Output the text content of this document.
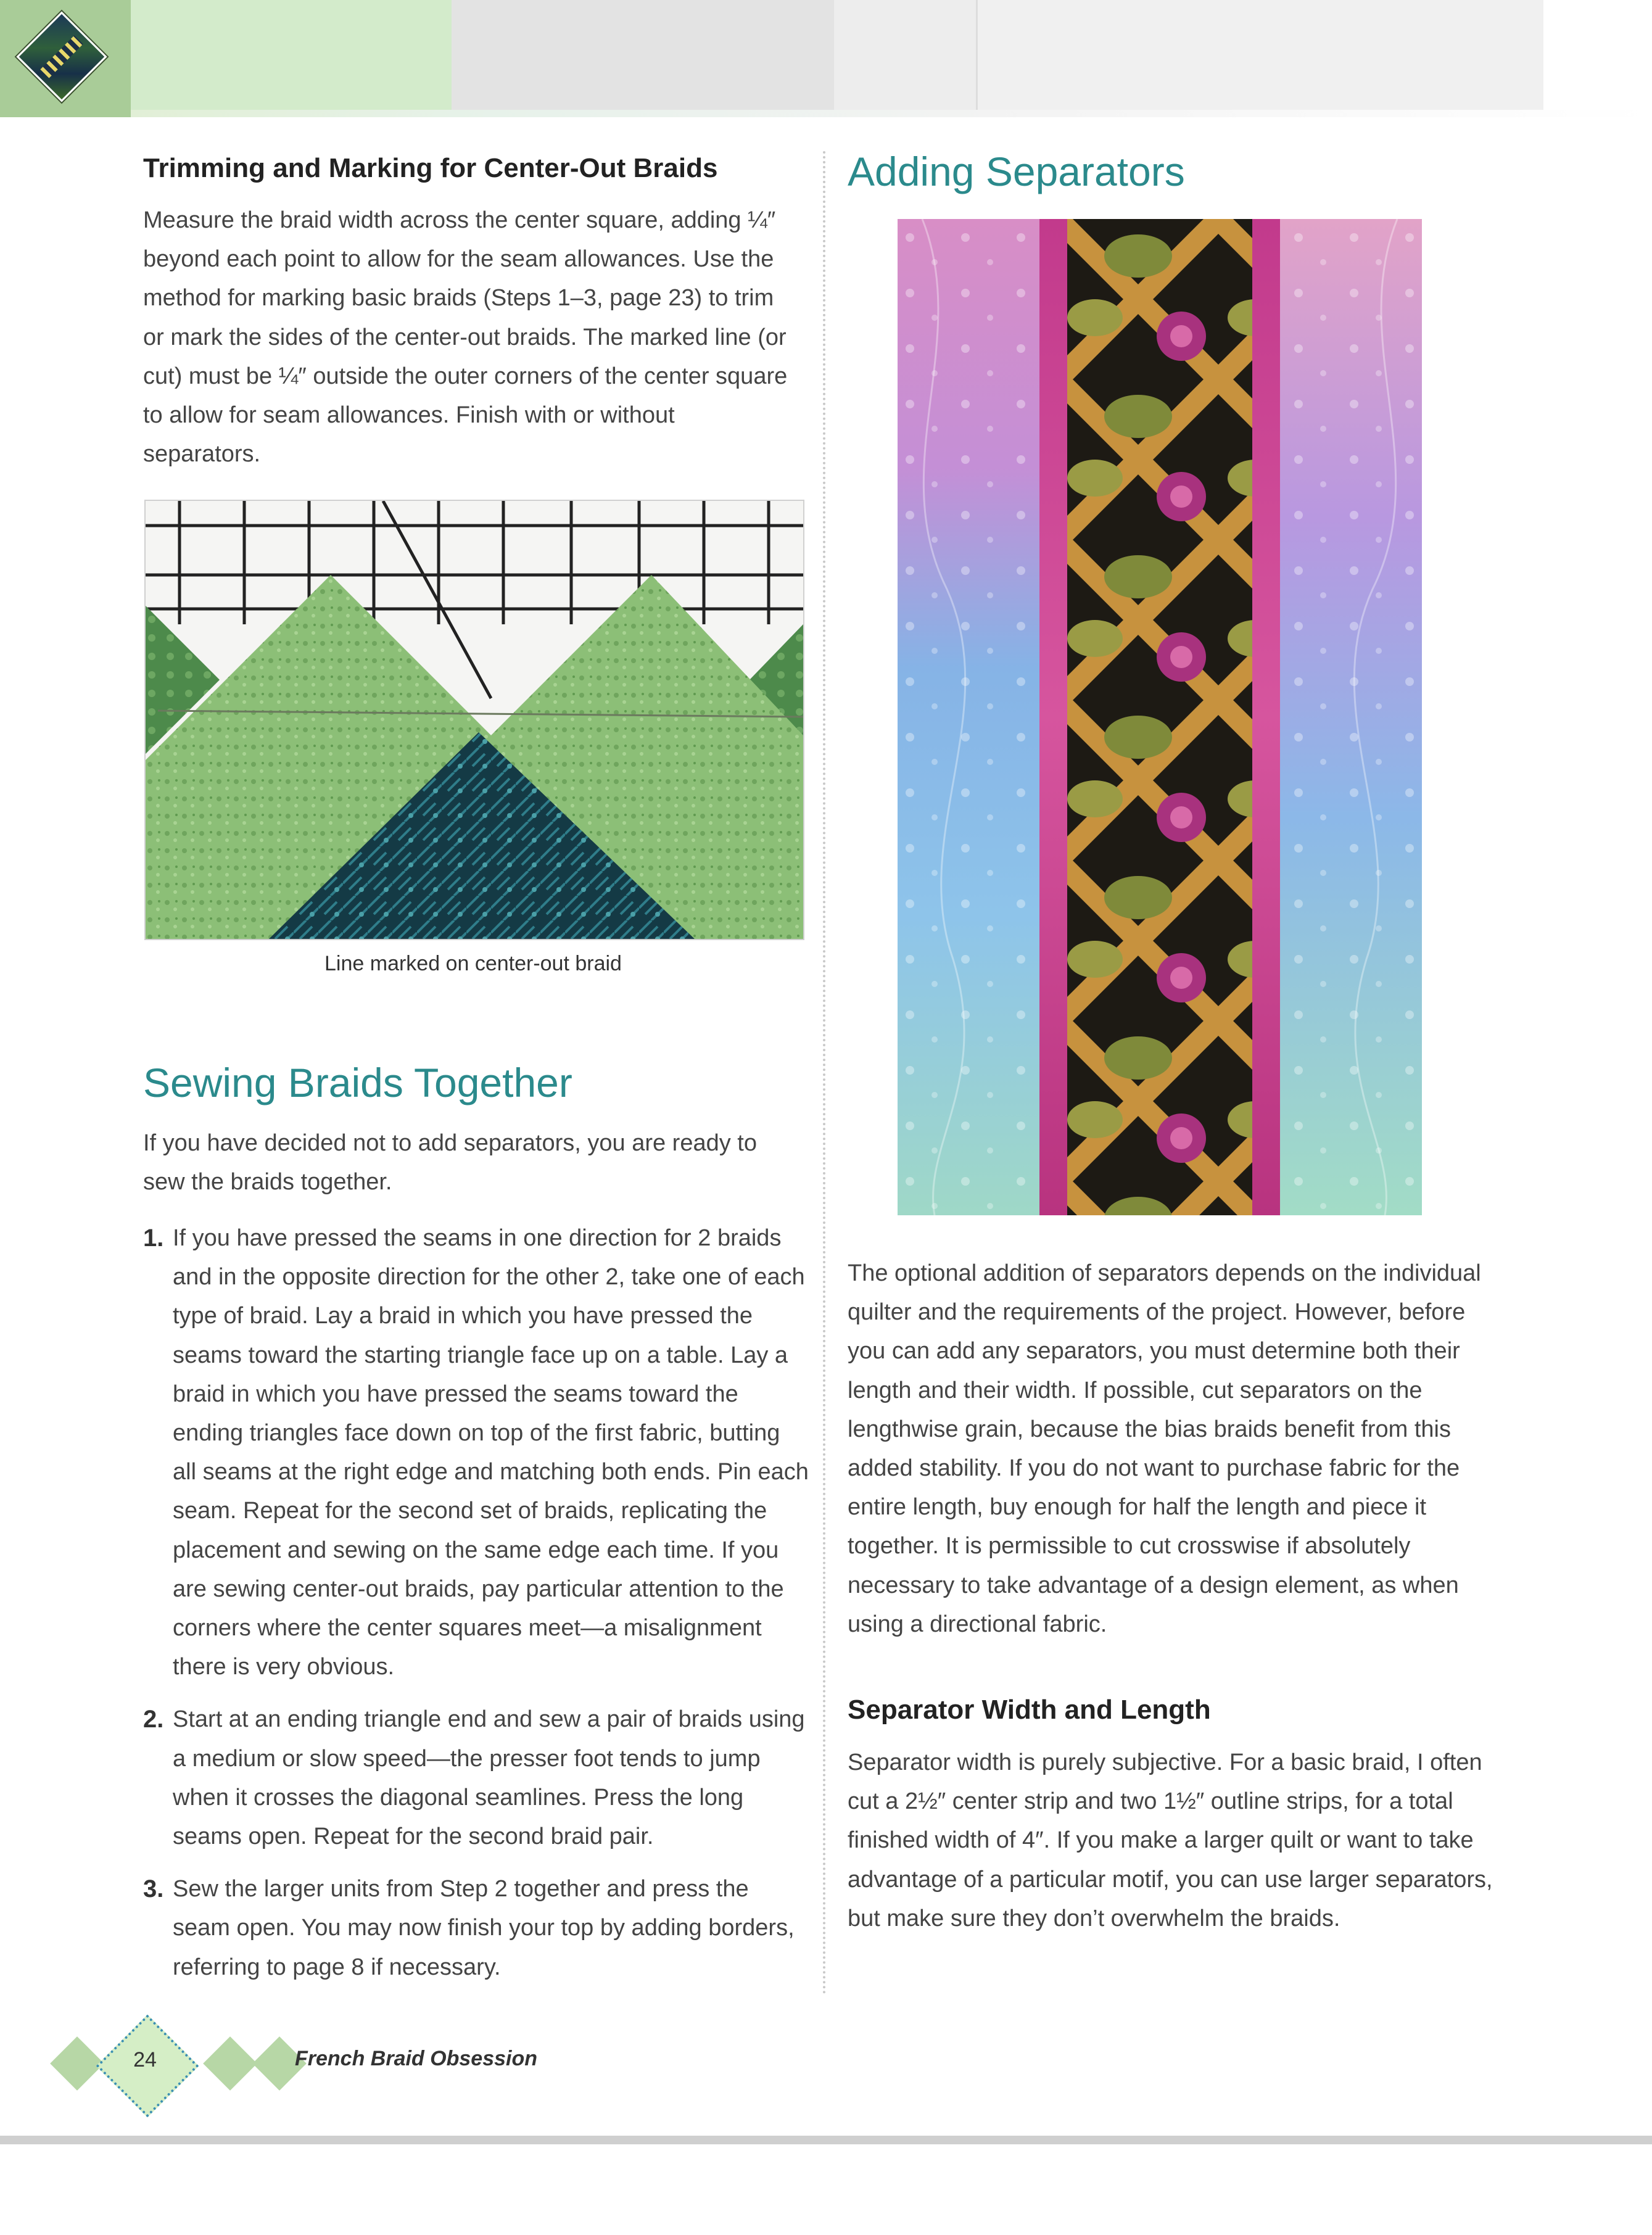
Trimming and Marking for Center-Out Braids

Measure the braid width across the center square, adding ¼″ beyond each point to allow for the seam allowances. Use the method for marking basic braids (Steps 1–3, page 23) to trim or mark the sides of the center-out braids. The marked line (or cut) must be ¼″ outside the outer corners of the center square to allow for seam allowances. Finish with or without separators.

Line marked on center-out braid
Sewing Braids Together

If you have decided not to add separators, you are ready to sew the braids together.

1. If you have pressed the seams in one direction for 2 braids and in the opposite direction for the other 2, take one of each type of braid. Lay a braid in which you have pressed the seams toward the starting triangle face up on a table. Lay a braid in which you have pressed the seams toward the ending triangles face down on top of the first fabric, butting all seams at the right edge and matching both ends. Pin each seam. Repeat for the second set of braids, replicating the placement and sewing on the same edge each time. If you are sewing center-out braids, pay particular attention to the corners where the center squares meet—a misalignment there is very obvious.
2. Start at an ending triangle end and sew a pair of braids using a medium or slow speed—the presser foot tends to jump when it crosses the diagonal seamlines. Press the long seams open. Repeat for the second braid pair.
3. Sew the larger units from Step 2 together and press the seam open. You may now finish your top by adding borders, referring to page 8 if necessary.
Adding Separators

The optional addition of separators depends on the individual quilter and the requirements of the project. However, before you can add any separators, you must determine both their length and their width. If possible, cut separators on the lengthwise grain, because the bias braids benefit from this added stability. If you do not want to purchase fabric for the entire length, buy enough for half the length and piece it together. It is permissible to cut crosswise if absolutely necessary to take advantage of a design element, as when using a directional fabric.

Separator Width and Length

Separator width is purely subjective. For a basic braid, I often cut a 2½″ center strip and two 1½″ outline strips, for a total finished width of 4″. If you make a larger quilt or want to take advantage of a particular motif, you can use larger separators, but make sure they don’t overwhelm the braids.

24	French Braid Obsession
